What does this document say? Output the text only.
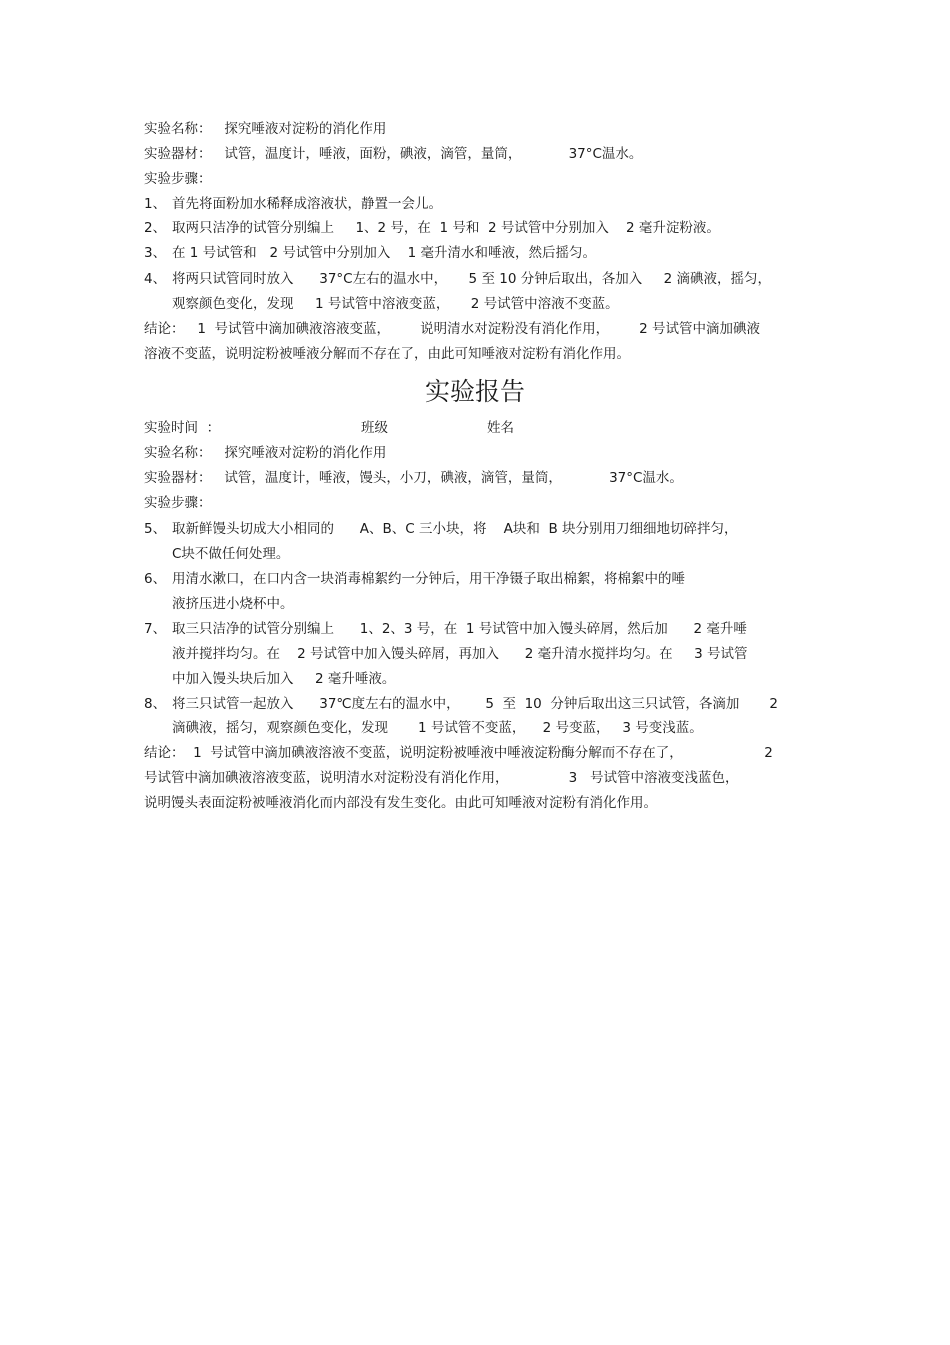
实验名称：   探究唾液对淀粉的消化作用
实验器材：   试管，温度计，唾液，面粉，碘液，滴管，量筒，           37°C温水。
实验步骤：
1、 首先将面粉加水稀释成溶液状，静置一会儿。
2、 取两只洁净的试管分别编上     1、2 号，在  1 号和  2 号试管中分别加入    2 毫升淀粉液。
3、 在 1 号试管和   2 号试管中分别加入    1 毫升清水和唾液，然后摇匀。
4、 将两只试管同时放入      37°C左右的温水中，     5 至 10 分钟后取出，各加入     2 滴碘液，摇匀，
观察颜色变化，发现     1 号试管中溶液变蓝，     2 号试管中溶液不变蓝。
结论：   1  号试管中滴加碘液溶液变蓝，       说明清水对淀粉没有消化作用，       2 号试管中滴加碘液
溶液不变蓝，说明淀粉被唾液分解而不存在了，由此可知唾液对淀粉有消化作用。
实验报告
实验时间  ：	班级	姓名
实验名称：   探究唾液对淀粉的消化作用
实验器材：   试管，温度计，唾液，馒头，小刀，碘液，滴管，量筒，           37°C温水。
实验步骤：
5、 取新鲜馒头切成大小相同的      A、B、C 三小块，将    A块和  B 块分别用刀细细地切碎拌匀，
C块不做任何处理。
6、 用清水漱口，在口内含一块消毒棉絮约一分钟后，用干净镊子取出棉絮，将棉絮中的唾
液挤压进小烧杯中。
7、 取三只洁净的试管分别编上      1、2、3 号，在  1 号试管中加入馒头碎屑，然后加      2 毫升唾
液并搅拌均匀。在    2 号试管中加入馒头碎屑，再加入      2 毫升清水搅拌均匀。在     3 号试管
中加入馒头块后加入     2 毫升唾液。
8、 将三只试管一起放入      37℃度左右的温水中，      5  至  10  分钟后取出这三只试管，各滴加       2
滴碘液，摇匀，观察颜色变化，发现       1 号试管不变蓝，    2 号变蓝，   3 号变浅蓝。
结论：  1  号试管中滴加碘液溶液不变蓝，说明淀粉被唾液中唾液淀粉酶分解而不存在了，                   2
号试管中滴加碘液溶液变蓝，说明清水对淀粉没有消化作用，              3   号试管中溶液变浅蓝色，
说明馒头表面淀粉被唾液消化而内部没有发生变化。由此可知唾液对淀粉有消化作用。
